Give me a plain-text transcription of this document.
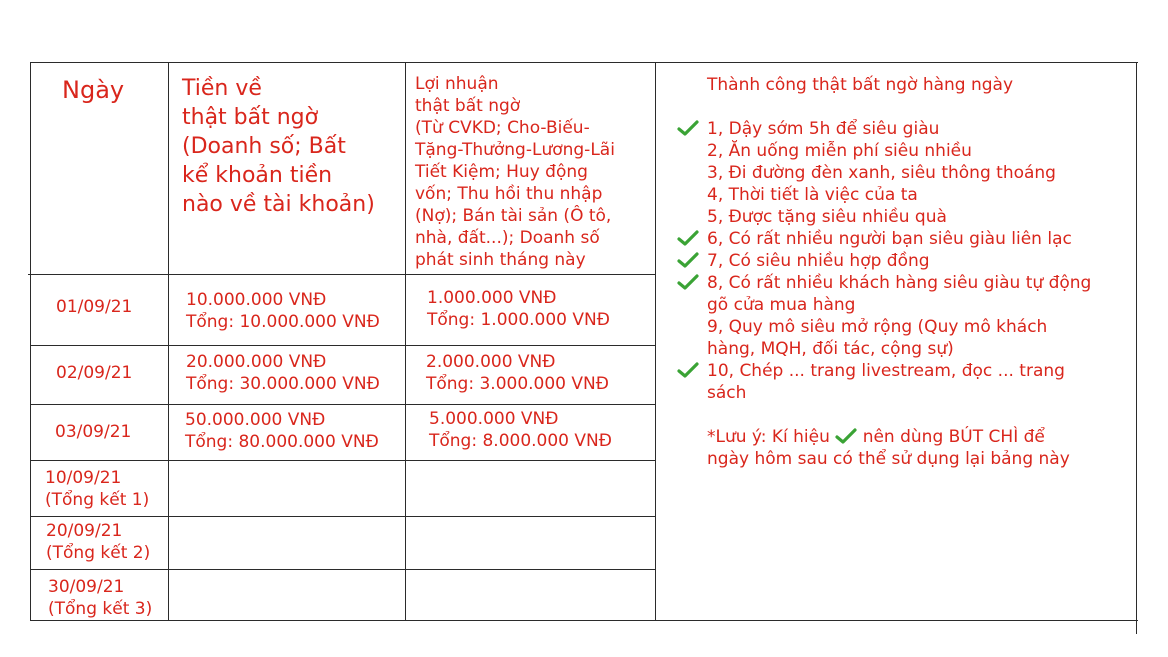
Ngày	Tiền về
thật bất ngờ
(Doanh số; Bất
kể khoản tiền
nào về tài khoản)
Lợi nhuận
thật bất ngờ
(Từ CVKD; Cho-Biếu-
Tặng-Thưởng-Lương-Lãi
Tiết Kiệm; Huy động
vốn; Thu hồi thu nhập
(Nợ); Bán tài sản (Ô tô,
nhà, đất...); Doanh số
phát sinh tháng này
01/09/21	10.000.000 VNĐ
Tổng: 10.000.000 VNĐ
1.000.000 VNĐ
Tổng: 1.000.000 VNĐ
02/09/21
20.000.000 VNĐ
Tổng: 30.000.000 VNĐ
2.000.000 VNĐ
Tổng: 3.000.000 VNĐ
03/09/21
50.000.000 VNĐ
Tổng: 80.000.000 VNĐ
5.000.000 VNĐ
Tổng: 8.000.000 VNĐ
10/09/21
(Tổng kết 1)
20/09/21
(Tổng kết 2)
30/09/21
(Tổng kết 3)
Thành công thật bất ngờ hàng ngày
1, Dậy sớm 5h để siêu giàu
2, Ăn uống miễn phí siêu nhiều
3, Đi đường đèn xanh, siêu thông thoáng
4, Thời tiết là việc của ta
5, Được tặng siêu nhiều quà
6, Có rất nhiều người bạn siêu giàu liên lạc
7, Có siêu nhiều hợp đồng
8, Có rất nhiều khách hàng siêu giàu tự động
gõ cửa mua hàng
9, Quy mô siêu mở rộng (Quy mô khách
hàng, MQH, đối tác, cộng sự)
10, Chép ... trang livestream, đọc ... trang
sách
*Lưu ý: Kí hiệu nên dùng BÚT CHÌ để
ngày hôm sau có thể sử dụng lại bảng này
